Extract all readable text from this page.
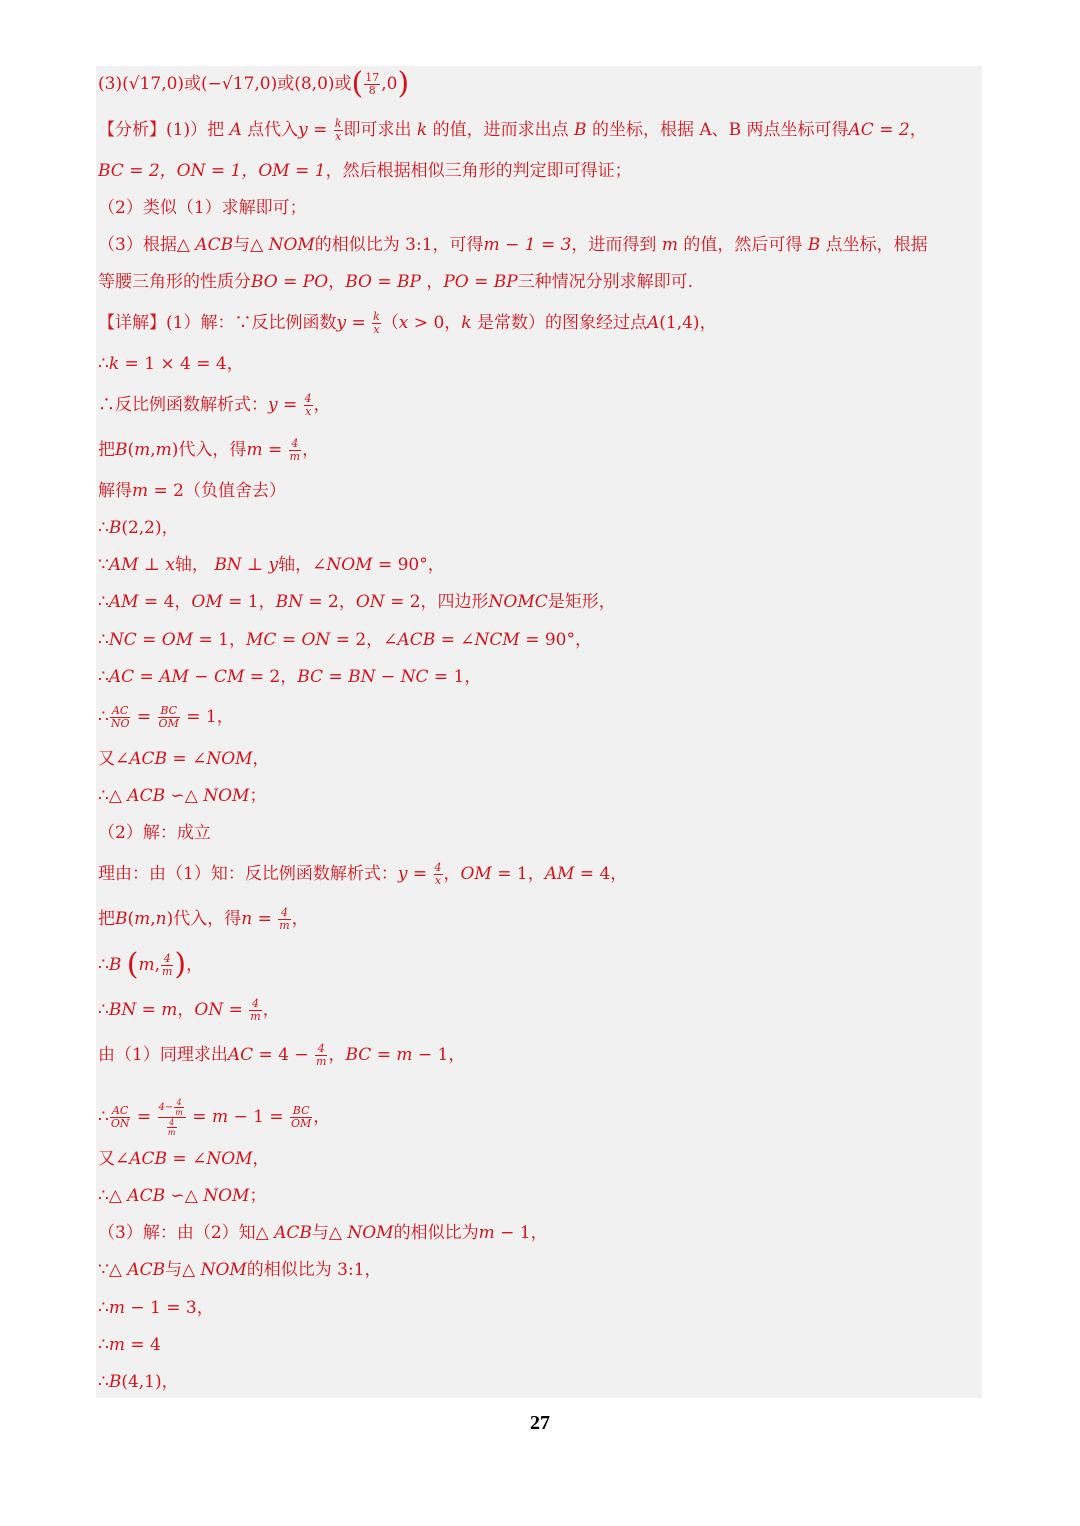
(3)(√17,0)或(−√17,0)或(8,0)或( $\frac{17}{8} ,0$)
【分析】(1)）把 A 点代入$y = \frac{k}{x}$ 即可求出 k 的值，进而求出点 B 的坐标，根据 A、B 两点坐标可得AC = 2，
BC = 2，ON = 1，OM = 1，然后根据相似三角形的判定即可得证；
（2）类似（1）求解即可；
（3）根据△ ACB与△ NOM的相似比为 3:1，可得m − 1 = 3，进而得到 m 的值，然后可得 B 点坐标，根据
等腰三角形的性质分BO = PO，BO = BP ，PO = BP三种情况分别求解即可.
【详解】(1）解：∵反比例函数$y = \frac{k}{x} (x > 0$，k 是常数）的图象经过点A(1,4)，
∴k = 1 × 4 = 4，
∴反比例函数解析式：$y = \frac{4}{x}$ ，
把B(m,m)代入，得$m = \frac{4}{m}$ ，
解得m = 2（负值舍去）
∴B(2,2)，
∵AM ⊥ x轴， BN ⊥ y轴，∠NOM = 90°，
∴AM = 4，OM = 1，BN = 2，ON = 2，四边形NOMC是矩形，
∴NC = OM = 1，MC = ON = 2，∠ACB = ∠NCM = 90°，
∴AC = AM − CM = 2，BC = BN − NC = 1，
∴ $\frac{AC}{NO} = \frac{BC}{OM} = 1$，
又∠ACB = ∠NOM，
∴△ ACB ∽△ NOM；
（2）解：成立
理由：由（1）知：反比例函数解析式：$y = \frac{4}{x}$ ，OM = 1，AM = 4，
把B(m,n)代入，得$n = \frac{4}{m}$ ，
∴B (m, $\frac{4}{m}$ )，
∴BN = m，ON = $\frac{4}{m}$ ，
由（1）同理求出AC = $4 - \frac{4}{m}$ ，BC = m − 1，
∴ $\frac{AC}{ON} = \frac{4- \frac{4}{m}}{\frac{4}{m}} = m - 1 = \frac{BC}{OM}$ ，
又∠ACB = ∠NOM，
∴△ ACB ∽△ NOM；
（3）解：由（2）知△ ACB与△ NOM的相似比为m − 1，
∵△ ACB与△ NOM的相似比为 3:1，
∴m − 1 = 3，
∴m = 4
∴B(4,1)，
27
